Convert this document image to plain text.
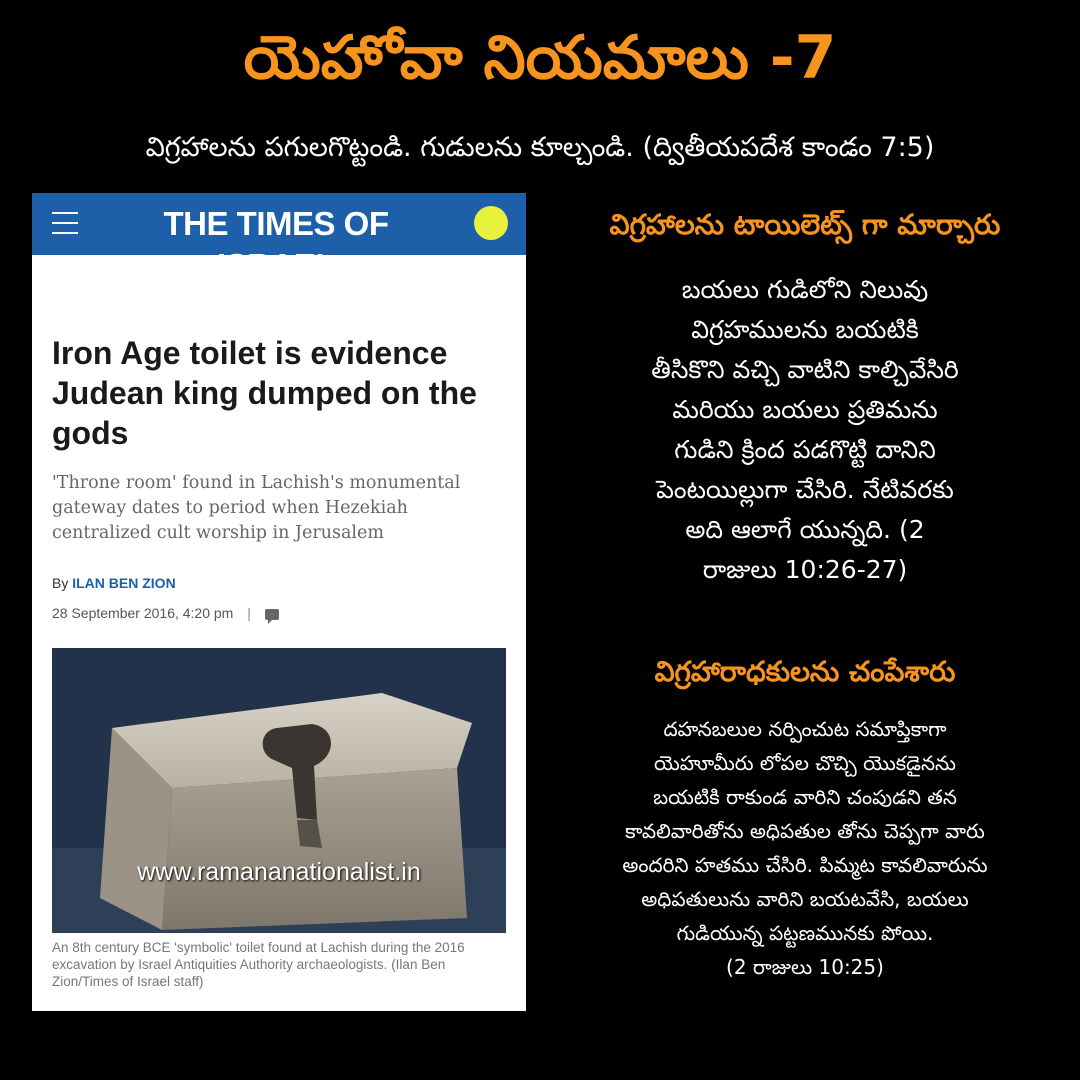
యెహోవా నియమాలు -7
విగ్రహాలను పగులగొట్టండి. గుడులను కూల్చండి. (ద్వితీయపదేశ కాండం 7:5)
THE TIMES OF ISRAEL
Iron Age toilet is evidence Judean king dumped on the gods
'Throne room' found in Lachish's monumental gateway dates to period when Hezekiah centralized cult worship in Jerusalem
By ILAN BEN ZION
28 September 2016, 4:20 pm |
www.ramananationalist.in
An 8th century BCE 'symbolic' toilet found at Lachish during the 2016 excavation by Israel Antiquities Authority archaeologists. (Ilan Ben Zion/Times of Israel staff)
విగ్రహాలను టాయిలెట్స్ గా మార్చారు

బయలు గుడిలోని నిలువు

విగ్రహములను బయటికి

తీసికొని వచ్చి వాటిని కాల్చివేసిరి

మరియు బయలు ప్రతిమను

గుడిని క్రింద పడగొట్టి దానిని

పెంటయిల్లుగా చేసిరి. నేటివరకు

అది ఆలాగే యున్నది. (2

రాజులు 10:26-27)

విగ్రహారాధకులను చంపేశారు

దహనబలుల నర్పించుట సమాప్తికాగా

యెహూమీరు లోపల చొచ్చి యొకడైనను

బయటికి రాకుండ వారిని చంపుడని తన

కావలివారితోను అధిపతుల తోను చెప్పగా వారు

అందరిని హతము చేసిరి. పిమ్మట కావలివారును

అధిపతులును వారిని బయటవేసి, బయలు

గుడియున్న పట్టణమునకు పోయి.

(2 రాజులు 10:25)
